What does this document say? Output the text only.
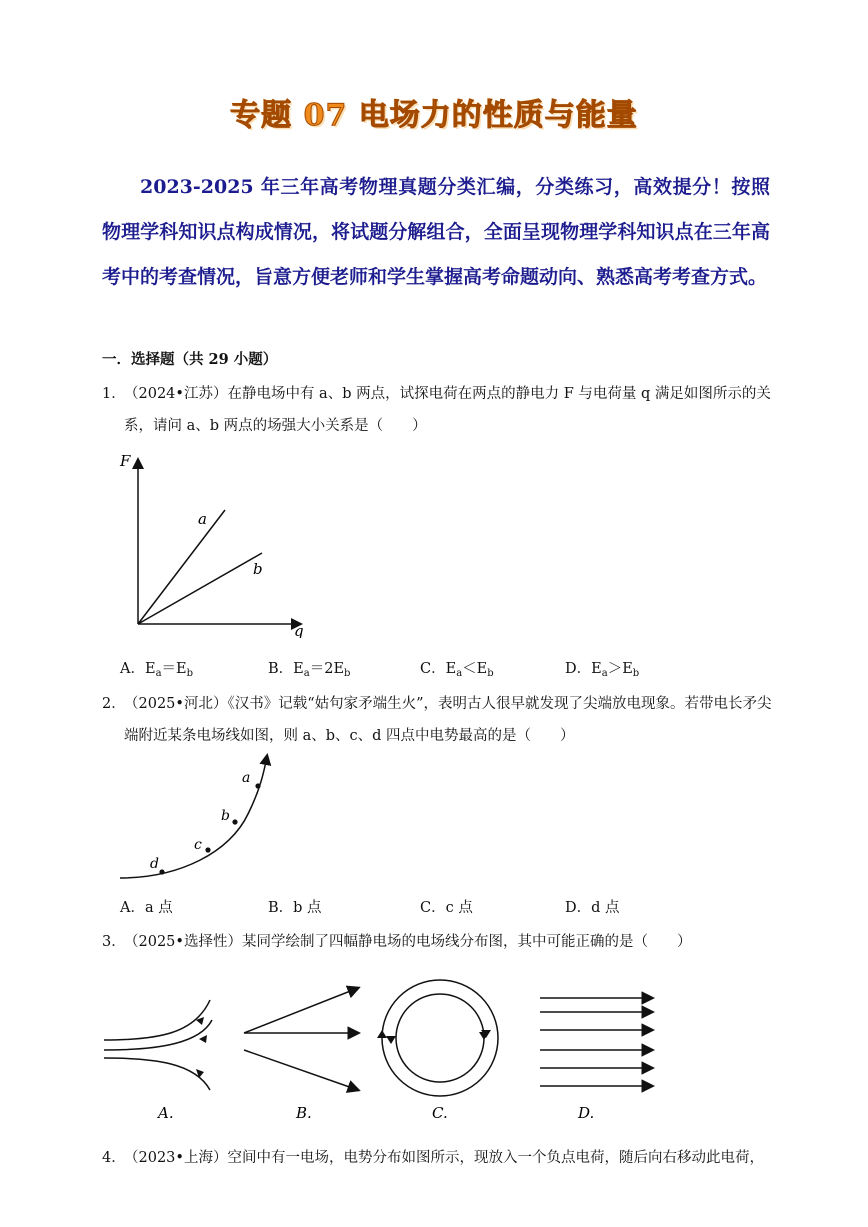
专题 07 电场力的性质与能量
2023-2025 年三年高考物理真题分类汇编，分类练习，高效提分！按照物理学科知识点构成情况，将试题分解组合，全面呈现物理学科知识点在三年高考中的考查情况，旨意方便老师和学生掌握高考命题动向、熟悉高考考查方式。
一．选择题（共 29 小题）
1．
（2024•江苏）在静电场中有 a、b 两点，试探电荷在两点的静电力 F 与电荷量 q 满足如图所示的关系，请问 a、b 两点的场强大小关系是（　　）
F
q
a
b
A．$E_a=E_b$	B．$E_a=2E_b$	C．$E_a<E_b$	D．$E_a>E_b$
2．
（2025•河北）《汉书》记载“姑句家矛端生火”，表明古人很早就发现了尖端放电现象。若带电长矛尖端附近某条电场线如图，则 a、b、c、d 四点中电势最高的是（　　）
a
b
c
d
A．a 点	B．b 点	C．c 点	D．d 点
3．
（2025•选择性）某同学绘制了四幅静电场的电场线分布图，其中可能正确的是（　　）
A.	B.	C.	D.
4．
（2023•上海）空间中有一电场，电势分布如图所示，现放入一个负点电荷，随后向右移动此电荷，
